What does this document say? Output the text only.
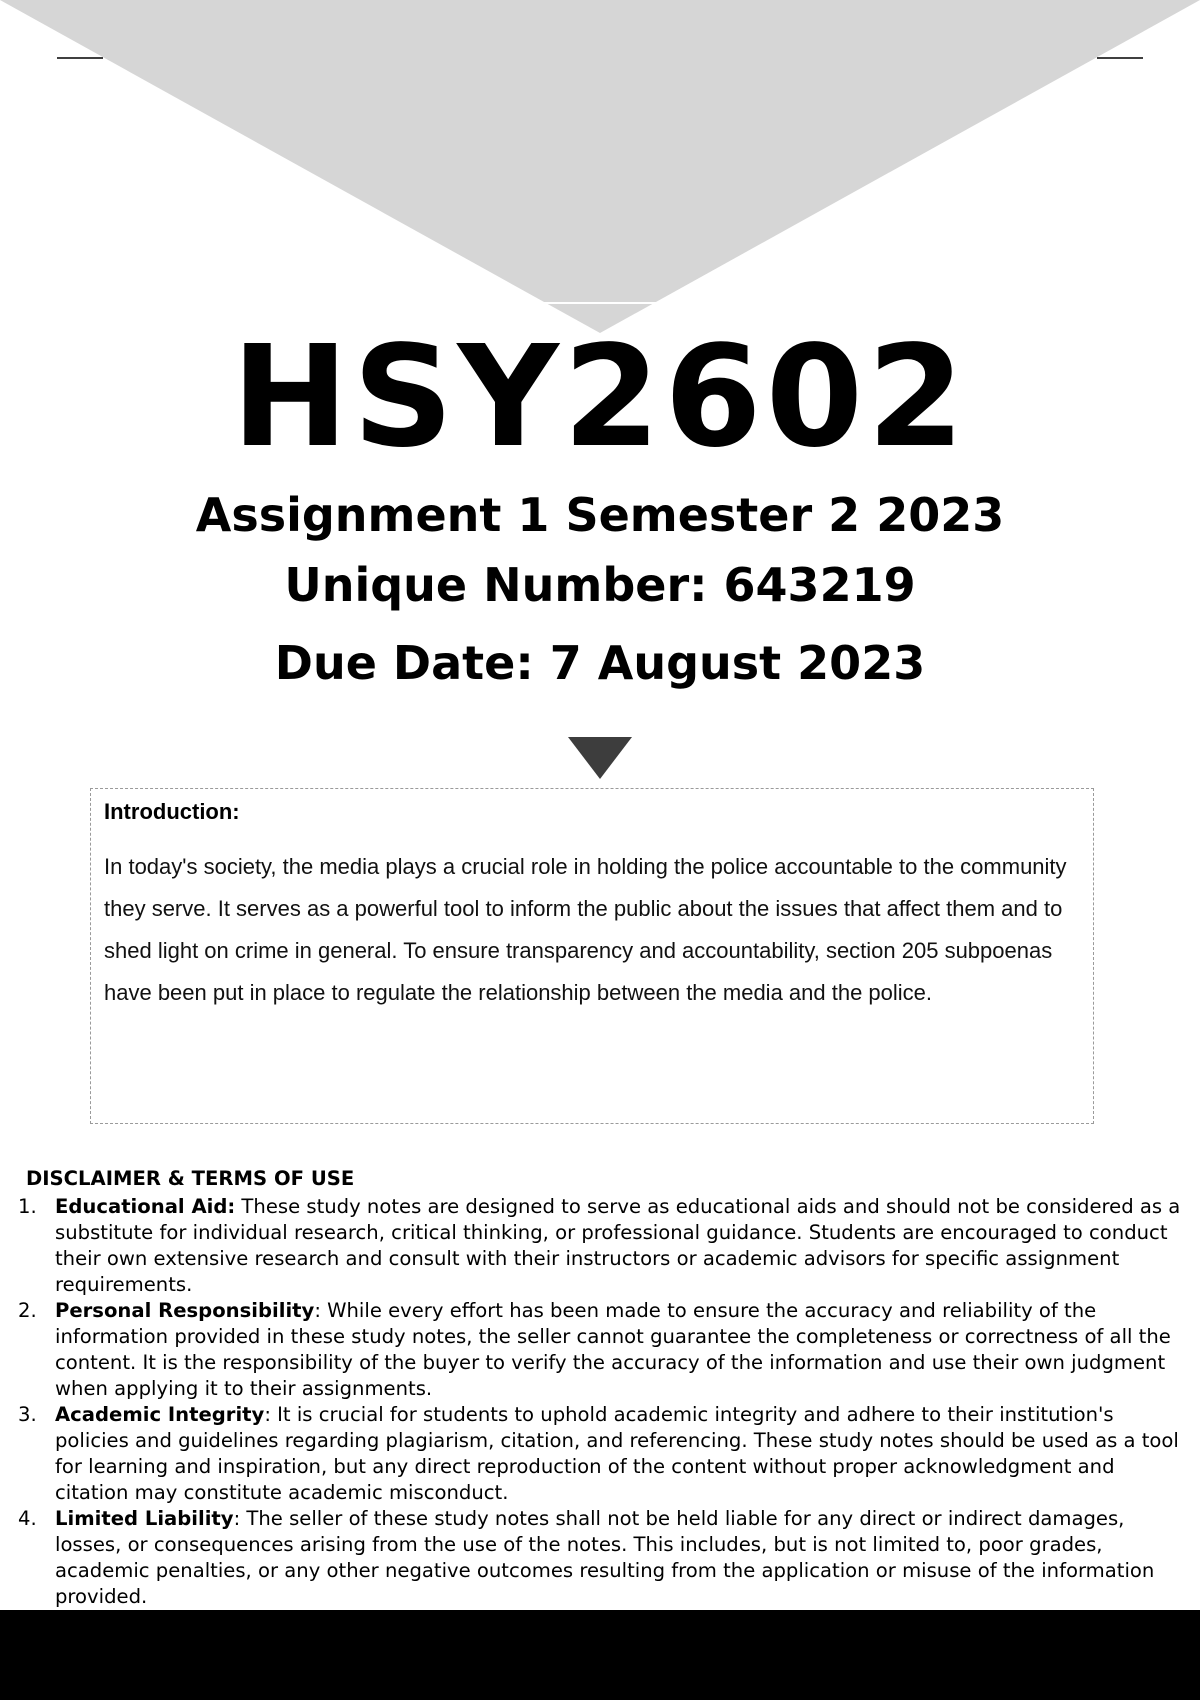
HSY2602
Assignment 1 Semester 2 2023
Unique Number: 643219
Due Date: 7 August 2023

Introduction:

In today's society, the media plays a crucial role in holding the police accountable to the community they serve. It serves as a powerful tool to inform the public about the issues that affect them and to shed light on crime in general. To ensure transparency and accountability, section 205 subpoenas have been put in place to regulate the relationship between the media and the police.

DISCLAIMER & TERMS OF USE
1. Educational Aid: These study notes are designed to serve as educational aids and should not be considered as a substitute for individual research, critical thinking, or professional guidance. Students are encouraged to conduct their own extensive research and consult with their instructors or academic advisors for specific assignment requirements.
2. Personal Responsibility: While every effort has been made to ensure the accuracy and reliability of the information provided in these study notes, the seller cannot guarantee the completeness or correctness of all the content. It is the responsibility of the buyer to verify the accuracy of the information and use their own judgment when applying it to their assignments.
3. Academic Integrity: It is crucial for students to uphold academic integrity and adhere to their institution's policies and guidelines regarding plagiarism, citation, and referencing. These study notes should be used as a tool for learning and inspiration, but any direct reproduction of the content without proper acknowledgment and citation may constitute academic misconduct.
4. Limited Liability: The seller of these study notes shall not be held liable for any direct or indirect damages, losses, or consequences arising from the use of the notes. This includes, but is not limited to, poor grades, academic penalties, or any other negative outcomes resulting from the application or misuse of the information provided.
